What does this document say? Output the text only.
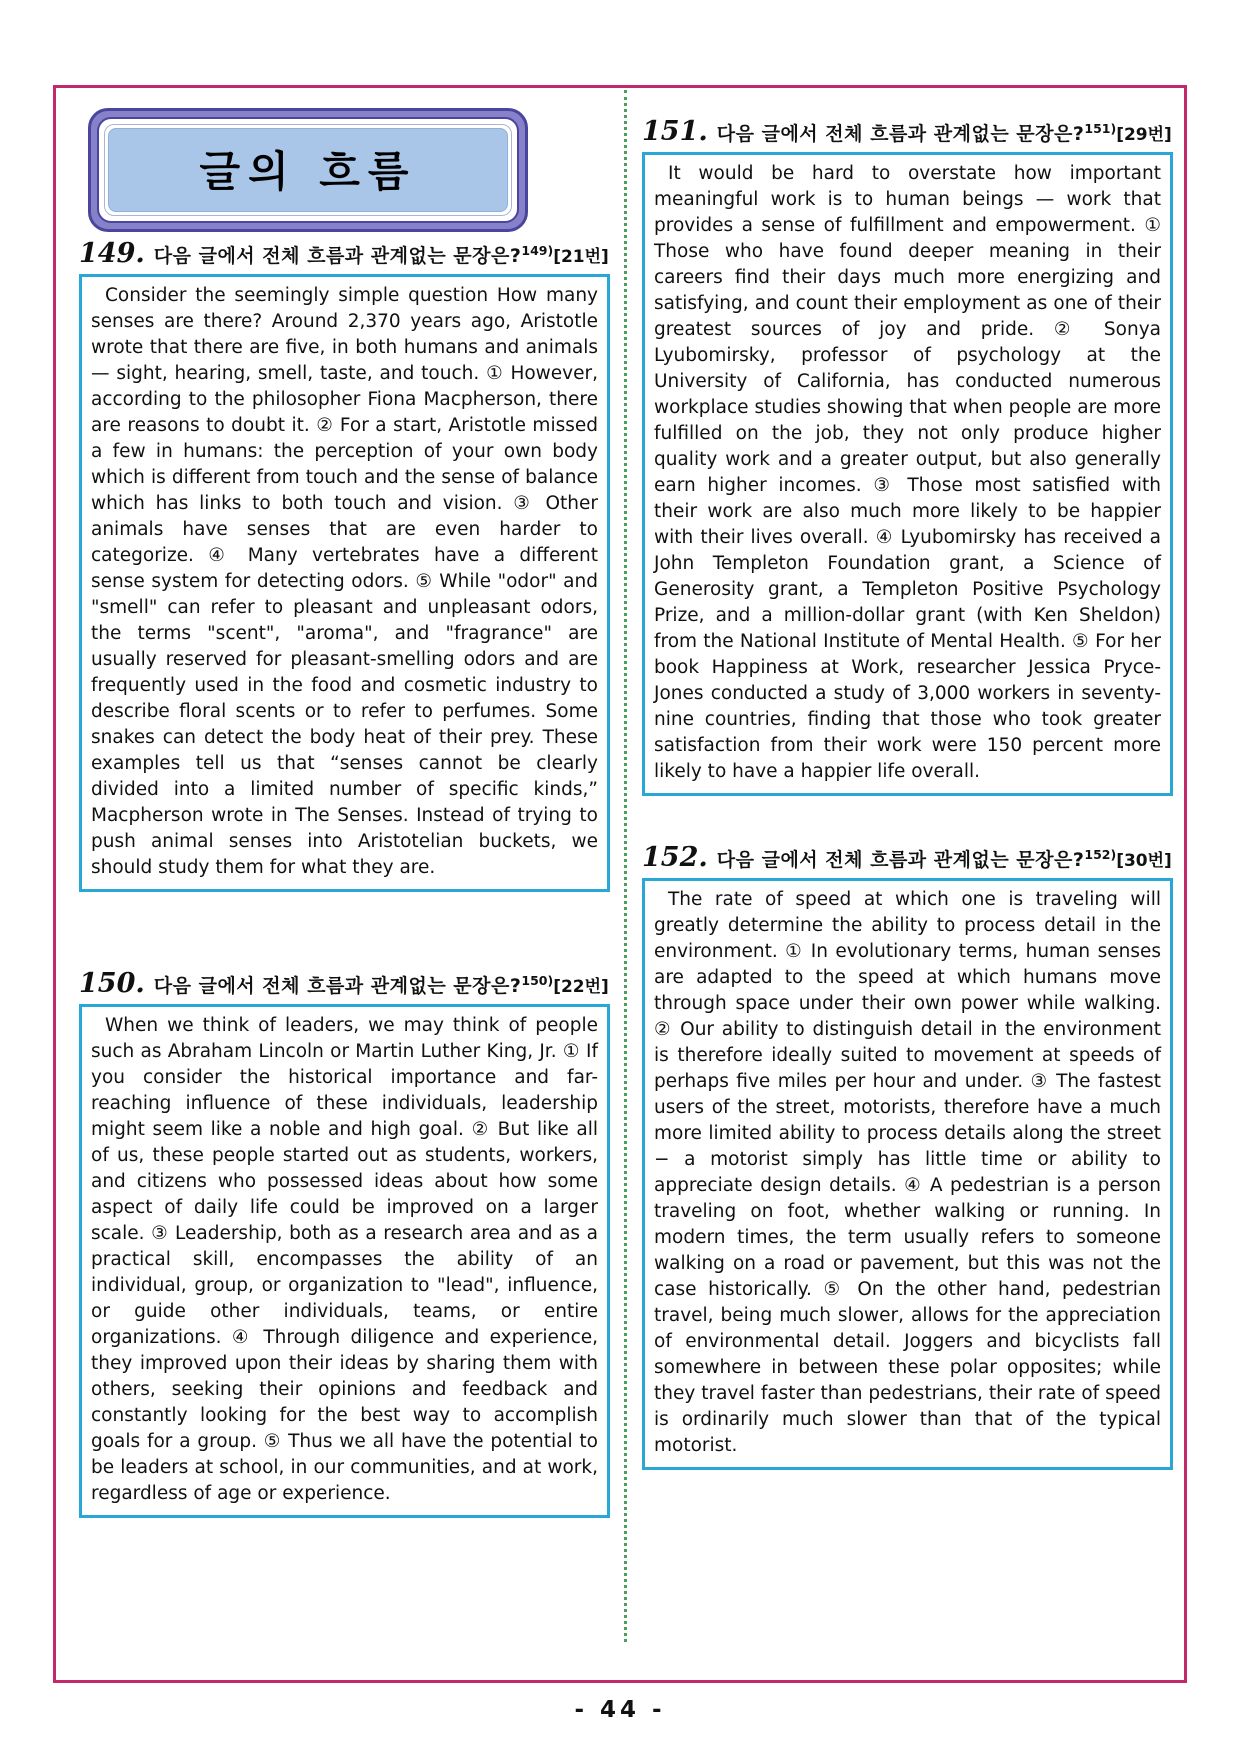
글의 흐름
149. 다음 글에서 전체 흐름과 관계없는 문장은?$^{149)}$[21번]

Consider the seemingly simple question How many senses are there? Around 2,370 years ago, Aristotle wrote that there are five, in both humans and animals — sight, hearing, smell, taste, and touch. ① However, according to the philosopher Fiona Macpherson, there are reasons to doubt it. ② For a start, Aristotle missed a few in humans: the perception of your own body which is different from touch and the sense of balance which has links to both touch and vision. ③ Other animals have senses that are even harder to categorize. ④ Many vertebrates have a different sense system for detecting odors. ⑤ While "odor" and "smell" can refer to pleasant and unpleasant odors, the terms "scent", "aroma", and "fragrance" are usually reserved for pleasant-smelling odors and are frequently used in the food and cosmetic industry to describe floral scents or to refer to perfumes. Some snakes can detect the body heat of their prey. These examples tell us that “senses cannot be clearly divided into a limited number of specific kinds,” Macpherson wrote in The Senses. Instead of trying to push animal senses into Aristotelian buckets, we should study them for what they are.

150. 다음 글에서 전체 흐름과 관계없는 문장은?$^{150)}$[22번]

When we think of leaders, we may think of people such as Abraham Lincoln or Martin Luther King, Jr. ① If you consider the historical importance and far-reaching influence of these individuals, leadership might seem like a noble and high goal. ② But like all of us, these people started out as students, workers, and citizens who possessed ideas about how some aspect of daily life could be improved on a larger scale. ③ Leadership, both as a research area and as a practical skill, encompasses the ability of an individual, group, or organization to "lead", influence, or guide other individuals, teams, or entire organizations. ④ Through diligence and experience, they improved upon their ideas by sharing them with others, seeking their opinions and feedback and constantly looking for the best way to accomplish goals for a group. ⑤ Thus we all have the potential to be leaders at school, in our communities, and at work, regardless of age or experience.

151. 다음 글에서 전체 흐름과 관계없는 문장은?$^{151)}$[29번]

It would be hard to overstate how important meaningful work is to human beings — work that provides a sense of fulfillment and empowerment. ① Those who have found deeper meaning in their careers find their days much more energizing and satisfying, and count their employment as one of their greatest sources of joy and pride. ② Sonya Lyubomirsky, professor of psychology at the University of California, has conducted numerous workplace studies showing that when people are more fulfilled on the job, they not only produce higher quality work and a greater output, but also generally earn higher incomes. ③ Those most satisfied with their work are also much more likely to be happier with their lives overall. ④ Lyubomirsky has received a John Templeton Foundation grant, a Science of Generosity grant, a Templeton Positive Psychology Prize, and a million-dollar grant (with Ken Sheldon) from the National Institute of Mental Health. ⑤ For her book Happiness at Work, researcher Jessica Pryce-Jones conducted a study of 3,000 workers in seventy-nine countries, finding that those who took greater satisfaction from their work were 150 percent more likely to have a happier life overall.

152. 다음 글에서 전체 흐름과 관계없는 문장은?$^{152)}$[30번]

The rate of speed at which one is traveling will greatly determine the ability to process detail in the environment. ① In evolutionary terms, human senses are adapted to the speed at which humans move through space under their own power while walking. ② Our ability to distinguish detail in the environment is therefore ideally suited to movement at speeds of perhaps five miles per hour and under. ③ The fastest users of the street, motorists, therefore have a much more limited ability to process details along the street − a motorist simply has little time or ability to appreciate design details. ④ A pedestrian is a person traveling on foot, whether walking or running. In modern times, the term usually refers to someone walking on a road or pavement, but this was not the case historically. ⑤ On the other hand, pedestrian travel, being much slower, allows for the appreciation of environmental detail. Joggers and bicyclists fall somewhere in between these polar opposites; while they travel faster than pedestrians, their rate of speed is ordinarily much slower than that of the typical motorist.

- 44 -
